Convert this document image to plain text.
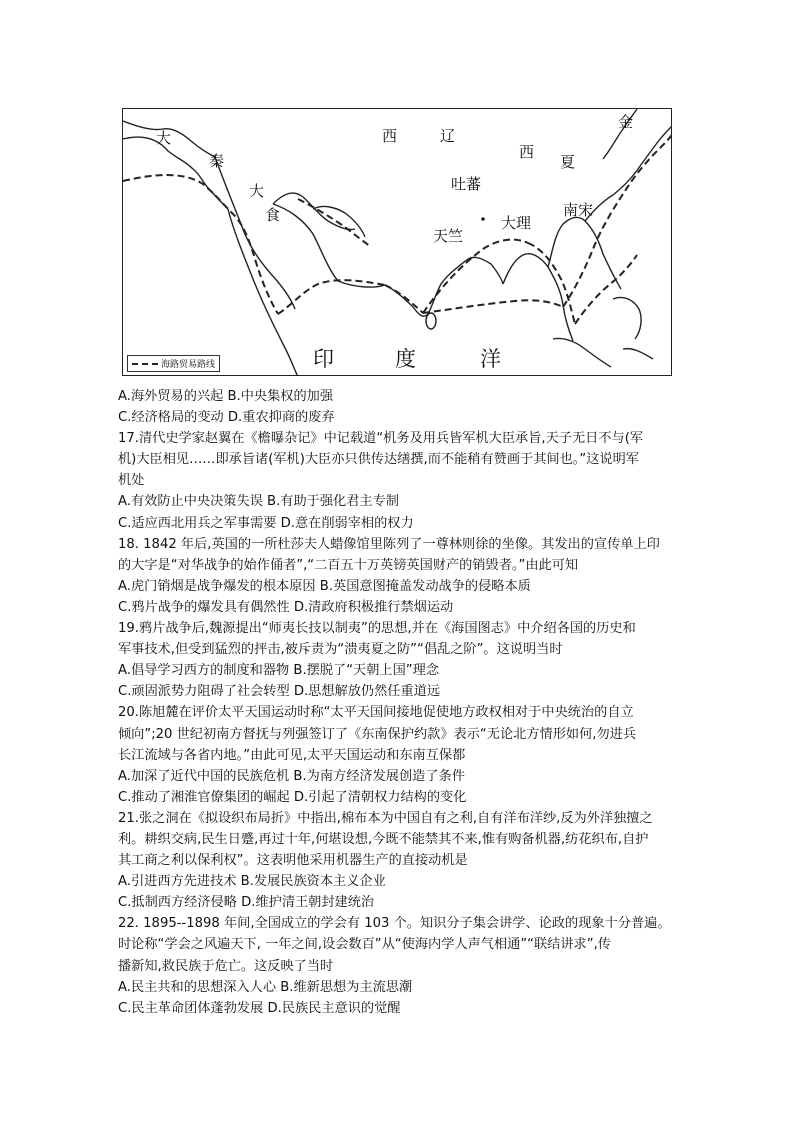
大
秦
大
食
西	辽
西
夏
金
吐蕃
大理
南宋
天竺
印	度	洋
海路贸易路线
A.海外贸易的兴起 B.中央集权的加强
C.经济格局的变动 D.重农抑商的废弃
17.清代史学家赵翼在《檐曝杂记》中记载道“机务及用兵皆军机大臣承旨,天子无日不与(军
机)大臣相见……即承旨诸(军机)大臣亦只供传达缮撰,而不能稍有赞画于其间也。”这说明军
机处
A.有效防止中央决策失误 B.有助于强化君主专制
C.适应西北用兵之军事需要 D.意在削弱宰相的权力
18. 1842 年后,英国的一所杜莎夫人蜡像馆里陈列了一尊林则徐的坐像。其发出的宣传单上印
的大字是“对华战争的始作俑者”,“二百五十万英镑英国财产的销毁者。”由此可知
A.虎门销烟是战争爆发的根本原因 B.英国意图掩盖发动战争的侵略本质
C.鸦片战争的爆发具有偶然性 D.清政府积极推行禁烟运动
19.鸦片战争后,魏源提出“师夷长技以制夷”的思想,并在《海国图志》中介绍各国的历史和
军事技术,但受到猛烈的抨击,被斥责为“溃夷夏之防”“倡乱之阶”。这说明当时
A.倡导学习西方的制度和器物 B.摆脱了“天朝上国”理念
C.顽固派势力阻碍了社会转型 D.思想解放仍然任重道远
20.陈旭麓在评价太平天国运动时称“太平天国间接地促使地方政权相对于中央统治的自立
倾向”;20 世纪初南方督抚与列强签订了《东南保护约款》表示“无论北方情形如何,勿进兵
长江流域与各省内地。”由此可见,太平天国运动和东南互保都
A.加深了近代中国的民族危机 B.为南方经济发展创造了条件
C.推动了湘淮官僚集团的崛起 D.引起了清朝权力结构的变化
21.张之洞在《拟设织布局折》中指出,棉布本为中国自有之利,自有洋布洋纱,反为外洋独擅之
利。耕织交病,民生日蹙,再过十年,何堪设想,今既不能禁其不来,惟有购备机器,纺花织布,自护
其工商之利以保利权”。这表明他采用机器生产的直接动机是
A.引进西方先进技术 B.发展民族资本主义企业
C.抵制西方经济侵略 D.维护清王朝封建统治
22. 1895--1898 年间,全国成立的学会有 103 个。知识分子集会讲学、论政的现象十分普遍。
时论称“学会之风遍天下, 一年之间,设会数百”从“使海内学人声气相通”“联结讲求”,传
播新知,救民族于危亡。这反映了当时
A.民主共和的思想深入人心 B.维新思想为主流思潮
C.民主革命团体蓬勃发展 D.民族民主意识的觉醒
